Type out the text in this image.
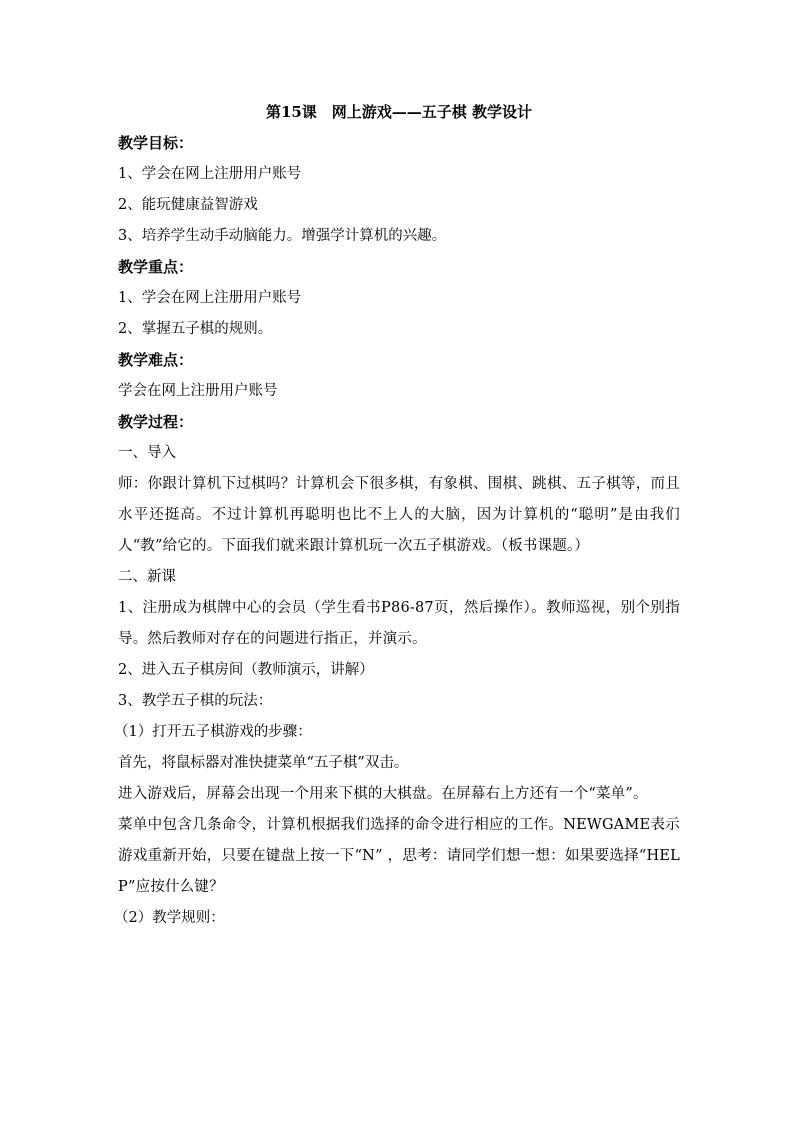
第15课　网上游戏——五子棋 教学设计
教学目标：
1、学会在网上注册用户账号
2、能玩健康益智游戏
3、培养学生动手动脑能力。增强学计算机的兴趣。
教学重点：
1、学会在网上注册用户账号
2、掌握五子棋的规则。
教学难点：
学会在网上注册用户账号
教学过程：
一、导入
师：你跟计算机下过棋吗？计算机会下很多棋，有象棋、围棋、跳棋、五子棋等，而且水平还挺高。不过计算机再聪明也比不上人的大脑，因为计算机的“聪明”是由我们人“教”给它的。下面我们就来跟计算机玩一次五子棋游戏。（板书课题。）
二、新课
1、注册成为棋牌中心的会员（学生看书P86-87页，然后操作）。教师巡视，别个别指导。然后教师对存在的问题进行指正，并演示。
2、进入五子棋房间（教师演示，讲解）
3、教学五子棋的玩法：
（1）打开五子棋游戏的步骤：
首先，将鼠标器对准快捷菜单“五子棋”双击。
进入游戏后，屏幕会出现一个用来下棋的大棋盘。在屏幕右上方还有一个“菜单”。
菜单中包含几条命令，计算机根据我们选择的命令进行相应的工作。NEWGAME表示游戏重新开始，只要在键盘上按一下“N” ，思考：请同学们想一想：如果要选择“HELP”应按什么键？
（2）教学规则：
